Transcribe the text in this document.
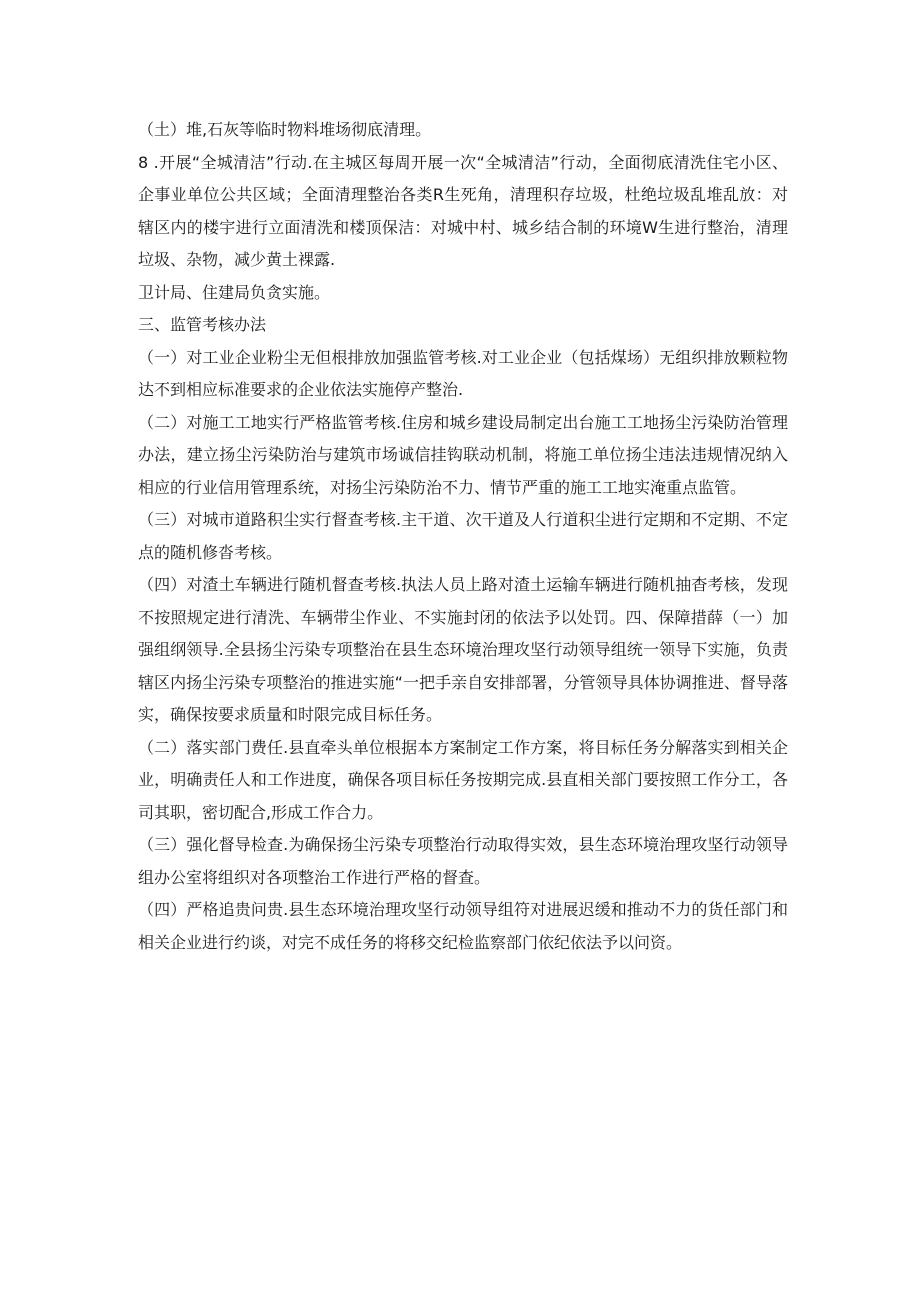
（土）堆,石灰等临时物料堆场彻底清理。

8 .开展“全城清洁”行动.在主城区每周开展一次“全城清洁”行动，全面彻底清洗住宅小区、企事业单位公共区域；全面清理整治各类R生死角，清理积存垃圾，杜绝垃圾乱堆乱放：对辖区内的楼宇进行立面清洗和楼顶保洁：对城中村、城乡结合制的环境W生进行整治，清理垃圾、杂物，减少黄土裸露.

卫计局、住建局负贪实施。

三、监管考核办法

（一）对工业企业粉尘无但根排放加强监管考核.对工业企业（包括煤场）无组织排放颗粒物达不到相应标准要求的企业依法实施停产整治.

（二）对施工工地实行严格监管考核.住房和城乡建设局制定出台施工工地扬尘污染防治管理办法，建立扬尘污染防治与建筑市场诚信挂钩联动机制，将施工单位扬尘违法违规情况纳入相应的行业信用管理系统，对扬尘污染防治不力、情节严重的施工工地实淹重点监管。

（三）对城市道路积尘实行督查考核.主干道、次干道及人行道积尘进行定期和不定期、不定点的随机修沓考核。

（四）对渣土车辆进行随机督查考核.执法人员上路对渣土运输车辆进行随机抽杳考核，发现不按照规定进行清洗、车辆带尘作业、不实施封闭的依法予以处罚。四、保障措薛（一）加强组纲领导.全县扬尘污染专项整治在县生态环境治理攻坚行动领导组统一领导下实施，负责辖区内扬尘污染专项整治的推进实施“一把手亲自安排部署，分管领导具体协调推进、督导落实，确保按要求质量和时限完成目标任务。

（二）落实部门费任.县直牵头单位根据本方案制定工作方案，将目标任务分解落实到相关企业，明确责任人和工作进度，确保各项目标任务按期完成.县直相关部门要按照工作分工，各司其职，密切配合,形成工作合力。

（三）强化督导检查.为确保扬尘污染专项整治行动取得实效，县生态环境治理攻坚行动领导组办公室将组织对各项整治工作进行严格的督查。

（四）严格追贵问贵.县生态环境治理攻坚行动领导组符对进展迟缓和推动不力的货任部门和相关企业进行约谈，对完不成任务的将移交纪检监察部门依纪依法予以问资。
